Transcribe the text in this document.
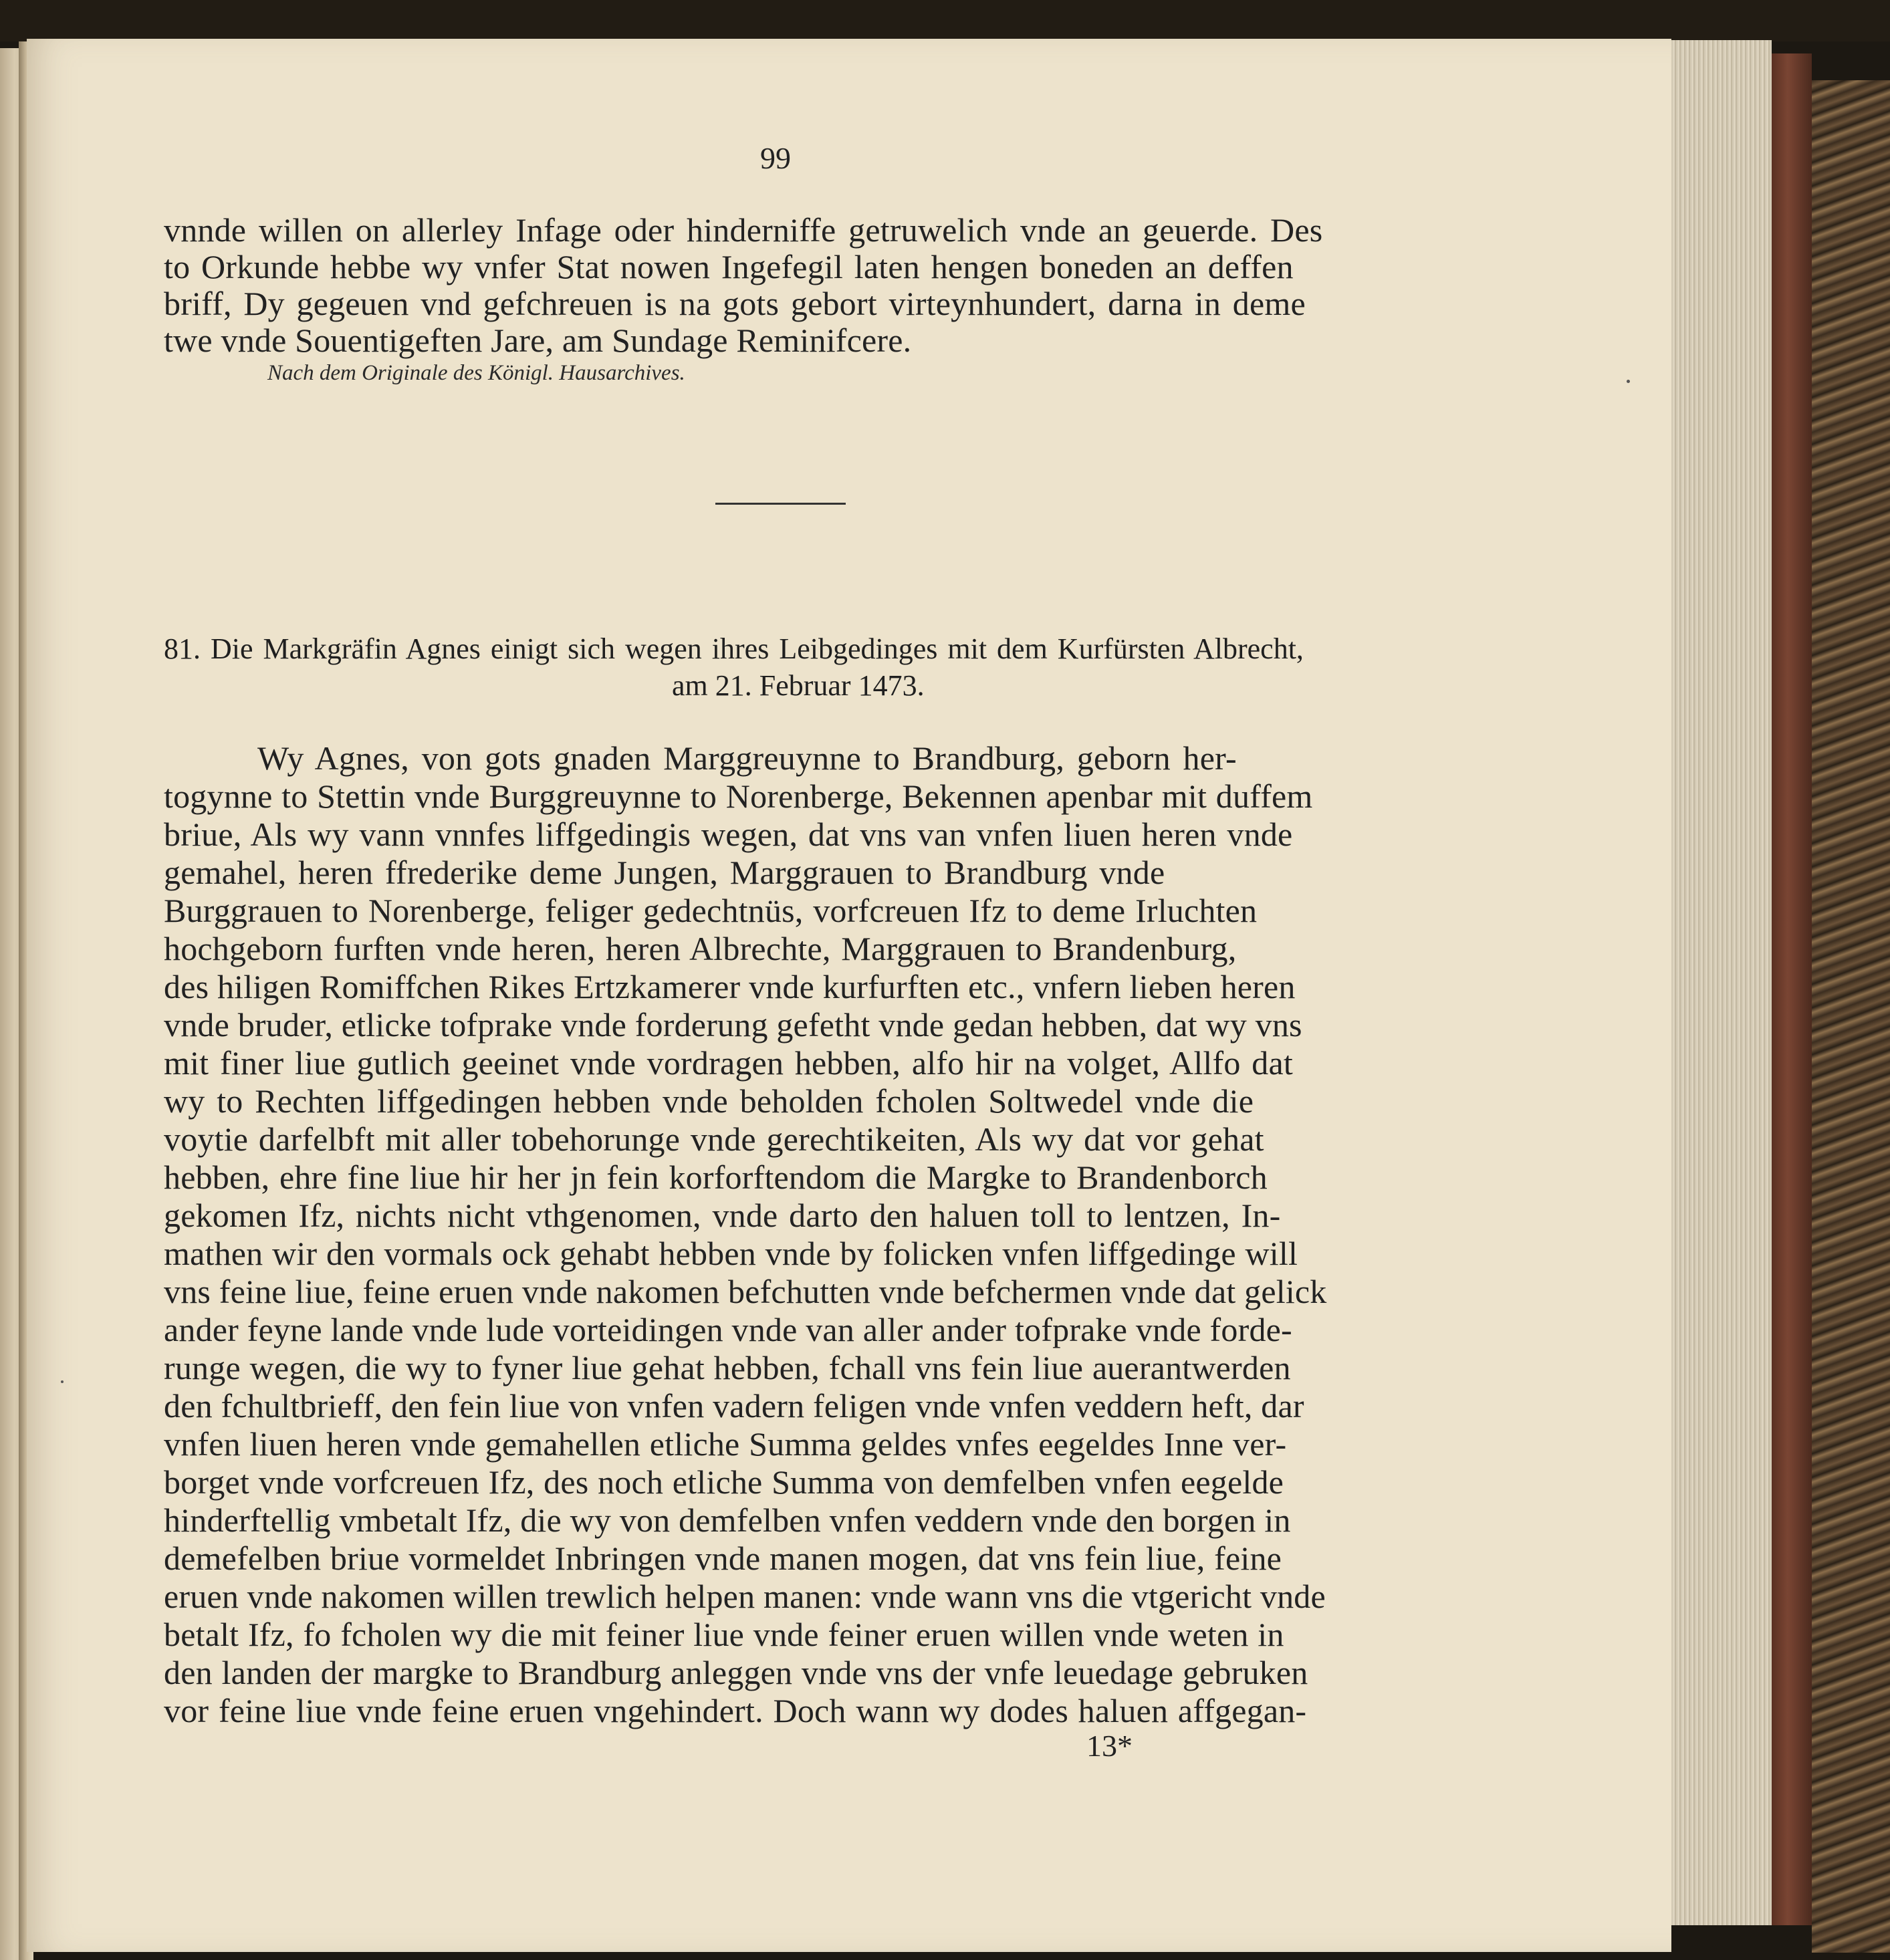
99
vnnde willen on allerley Infage oder hinderniffe getruwelich vnde an geuerde. Des
to Orkunde hebbe wy vnfer Stat nowen Ingefegil laten hengen boneden an deffen
briff, Dy gegeuen vnd gefchreuen is na gots gebort virteynhundert, darna in deme
twe vnde Souentigeften Jare, am Sundage Reminifcere.
Nach dem Originale des Königl. Hausarchives.
81. Die Markgräfin Agnes einigt sich wegen ihres Leibgedinges mit dem Kurfürsten Albrecht,
am 21. Februar 1473.
Wy Agnes, von gots gnaden Marggreuynne to Brandburg, geborn her-
togynne to Stettin vnde Burggreuynne to Norenberge, Bekennen apenbar mit duffem
briue, Als wy vann vnnfes liffgedingis wegen, dat vns van vnfen liuen heren vnde
gemahel, heren ffrederike deme Jungen, Marggrauen to Brandburg vnde
Burggrauen to Norenberge, feliger gedechtnüs, vorfcreuen Ifz to deme Irluchten
hochgeborn furften vnde heren, heren Albrechte, Marggrauen to Brandenburg,
des hiligen Romiffchen Rikes Ertzkamerer vnde kurfurften etc., vnfern lieben heren
vnde bruder, etlicke tofprake vnde forderung gefetht vnde gedan hebben, dat wy vns
mit finer liue gutlich geeinet vnde vordragen hebben, alfo hir na volget, Allfo dat
wy to Rechten liffgedingen hebben vnde beholden fcholen Soltwedel vnde die
voytie darfelbft mit aller tobehorunge vnde gerechtikeiten, Als wy dat vor gehat
hebben, ehre fine liue hir her jn fein korforftendom die Margke to Brandenborch
gekomen Ifz, nichts nicht vthgenomen, vnde darto den haluen toll to lentzen, In-
mathen wir den vormals ock gehabt hebben vnde by folicken vnfen liffgedinge will
vns feine liue, feine eruen vnde nakomen befchutten vnde befchermen vnde dat gelick
ander feyne lande vnde lude vorteidingen vnde van aller ander tofprake vnde forde-
runge wegen, die wy to fyner liue gehat hebben, fchall vns fein liue auerantwerden
den fchultbrieff, den fein liue von vnfen vadern feligen vnde vnfen veddern heft, dar
vnfen liuen heren vnde gemahellen etliche Summa geldes vnfes eegeldes Inne ver-
borget vnde vorfcreuen Ifz, des noch etliche Summa von demfelben vnfen eegelde
hinderftellig vmbetalt Ifz, die wy von demfelben vnfen veddern vnde den borgen in
demefelben briue vormeldet Inbringen vnde manen mogen, dat vns fein liue, feine
eruen vnde nakomen willen trewlich helpen manen: vnde wann vns die vtgericht vnde
betalt Ifz, fo fcholen wy die mit feiner liue vnde feiner eruen willen vnde weten in
den landen der margke to Brandburg anleggen vnde vns der vnfe leuedage gebruken
vor feine liue vnde feine eruen vngehindert. Doch wann wy dodes haluen affgegan-
13*
